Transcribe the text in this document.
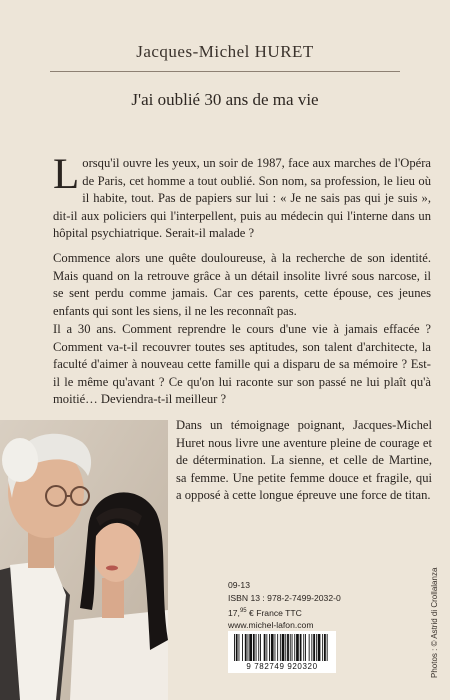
Jacques-Michel HURET
J'ai oublié 30 ans de ma vie

Lorsqu'il ouvre les yeux, un soir de 1987, face aux marches de l'Opéra de Paris, cet homme a tout oublié. Son nom, sa profession, le lieu où il habite, tout. Pas de papiers sur lui : « Je ne sais pas qui je suis », dit-il aux policiers qui l'interpellent, puis au médecin qui l'interne dans un hôpital psychiatrique. Serait-il malade ?

Commence alors une quête douloureuse, à la recherche de son identité. Mais quand on la retrouve grâce à un détail insolite livré sous narcose, il se sent perdu comme jamais. Car ces parents, cette épouse, ces jeunes enfants qui sont les siens, il ne les reconnaît pas.

Il a 30 ans. Comment reprendre le cours d'une vie à jamais effacée ? Comment va-t-il recouvrer toutes ses aptitudes, son talent d'architecte, la faculté d'aimer à nouveau cette famille qui a disparu de sa mémoire ? Est-il le même qu'avant ? Ce qu'on lui raconte sur son passé ne lui plaît qu'à moitié… Deviendra-t-il meilleur ?

Dans un témoignage poignant, Jacques-Michel Huret nous livre une aventure pleine de courage et de détermination. La sienne, et celle de Martine, sa femme. Une petite femme douce et fragile, qui a opposé à cette longue épreuve une force de titan.

09-13
ISBN 13 : 978-2-7499-2032-0
17,95 € France TTC
www.michel-lafon.com
9 782749 920320	Photos : © Astrid di Crollalanza
